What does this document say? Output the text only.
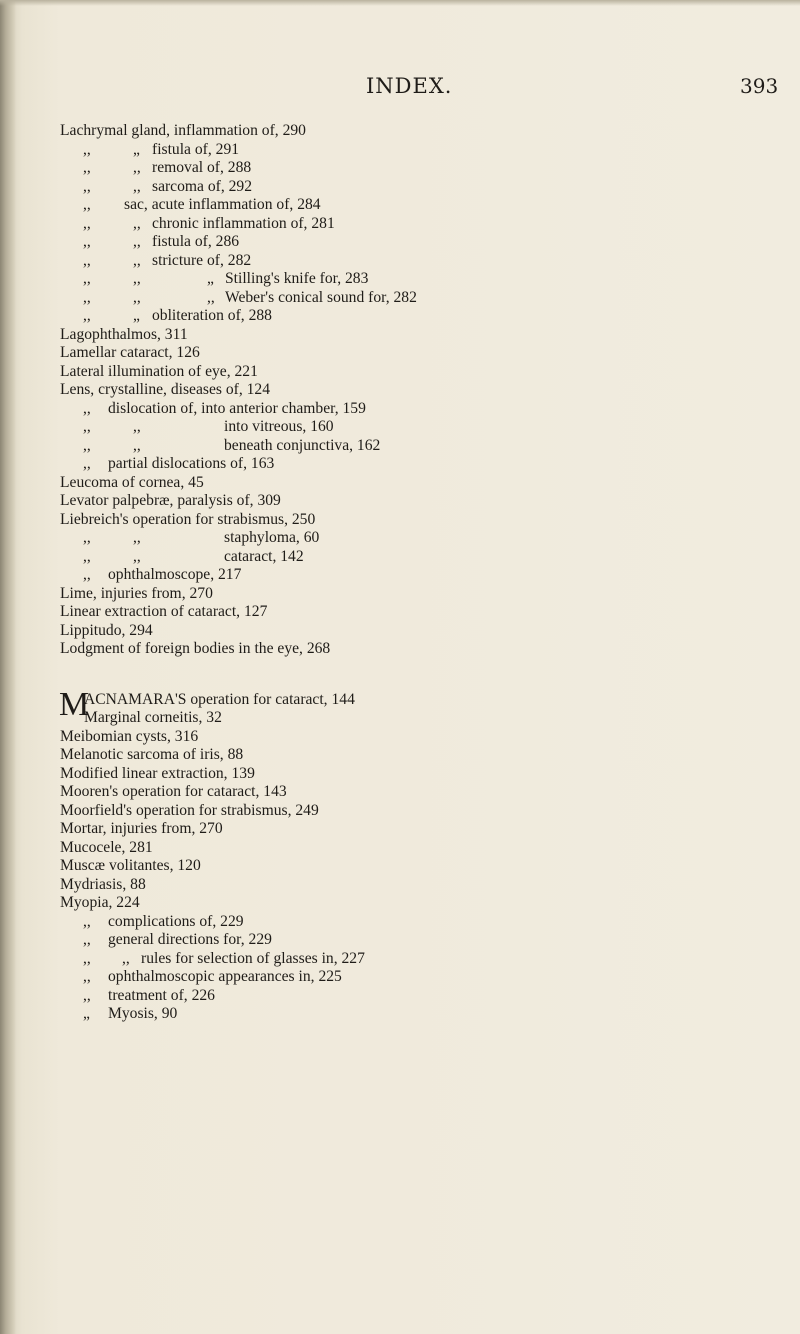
INDEX.	393
Lachrymal gland, inflammation of, 290
,,	„ fistula of, 291
,,	,, removal of, 288
,,	,, sarcoma of, 292
,, sac, acute inflammation of, 284
,,	,, chronic inflammation of, 281
,,	,, fistula of, 286
,,	,, stricture of, 282
,,	,,	„ Stilling's knife for, 283
,,	,,	,, Weber's conical sound for, 282
,,	„ obliteration of, 288
Lagophthalmos, 311
Lamellar cataract, 126
Lateral illumination of eye, 221
Lens, crystalline, diseases of, 124
,, dislocation of, into anterior chamber, 159
,,	,,	into vitreous, 160
,,	,,	beneath conjunctiva, 162
,, partial dislocations of, 163
Leucoma of cornea, 45
Levator palpebræ, paralysis of, 309
Liebreich's operation for strabismus, 250
,,	,,	staphyloma, 60
,,	,,	cataract, 142
,, ophthalmoscope, 217
Lime, injuries from, 270
Linear extraction of cataract, 127
Lippitudo, 294
Lodgment of foreign bodies in the eye, 268
M
ACNAMARA'S operation for cataract, 144
Marginal corneitis, 32
Meibomian cysts, 316
Melanotic sarcoma of iris, 88
Modified linear extraction, 139
Mooren's operation for cataract, 143
Moorfield's operation for strabismus, 249
Mortar, injuries from, 270
Mucocele, 281
Muscæ volitantes, 120
Mydriasis, 88
Myopia, 224
,, complications of, 229
,, general directions for, 229
,, ,, rules for selection of glasses in, 227
,, ophthalmoscopic appearances in, 225
,, treatment of, 226
„ Myosis, 90
